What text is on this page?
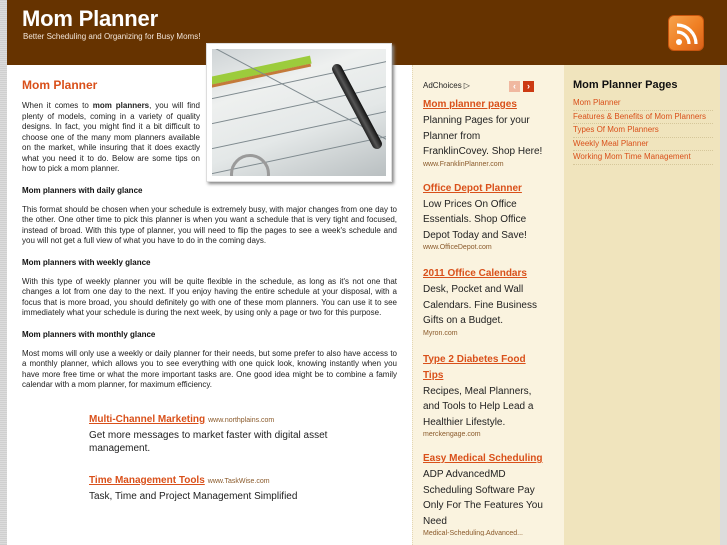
Mom Planner
Better Scheduling and Organizing for Busy Moms!
Mom Planner

When it comes to mom planners, you will find plenty of models, coming in a variety of quality designs. In fact, you might find it a bit difficult to choose one of the many mom planners available on the market, while insuring that it does exactly what you need it to do. Below are some tips on how to pick a mom planner.

Mom planners with daily glance

This format should be chosen when your schedule is extremely busy, with major changes from one day to the other. One other time to pick this planner is when you want a schedule that is very tight and focused, instead of broad. With this type of planner, you will need to flip the pages to see a week's schedule and you will not get a full view of what you have to do in the coming days.

Mom planners with weekly glance

With this type of weekly planner you will be quite flexible in the schedule, as long as it's not one that changes a lot from one day to the next. If you enjoy having the entire schedule at your disposal, with a focus that is more broad, you should definitely go with one of these mom planners. You can use it to see immediately what your schedule is during the next week, by using only a page or two for this purpose.

Mom planners with monthly glance

Most moms will only use a weekly or daily planner for their needs, but some prefer to also have access to a monthly planner, which allows you to see everything with one quick look, knowing instantly when you have more free time or what the more important tasks are. One good idea might be to combine a family calendar with a mom planner, for maximum efficiency.

Multi-Channel Marketing www.northplains.com
Get more messages to market faster with digital asset management.
Time Management Tools www.TaskWise.com
Task, Time and Project Management Simplified
AdChoices ▷	‹	›
Mom planner pages
Planning Pages for your Planner from FranklinCovey. Shop Here!
www.FranklinPlanner.com
Office Depot Planner
Low Prices On Office Essentials. Shop Office Depot Today and Save!
www.OfficeDepot.com
2011 Office Calendars
Desk, Pocket and Wall Calendars. Fine Business Gifts on a Budget.
Myron.com
Type 2 Diabetes Food Tips
Recipes, Meal Planners, and Tools to Help Lead a Healthier Lifestyle.
merckengage.com
Easy Medical Scheduling
ADP AdvancedMD Scheduling Software Pay Only For The Features You Need
Medical-Scheduling.Advanced...
Mom Planner Pages
Mom Planner
Features & Benefits of Mom Planners
Types Of Mom Planners
Weekly Meal Planner
Working Mom Time Management
